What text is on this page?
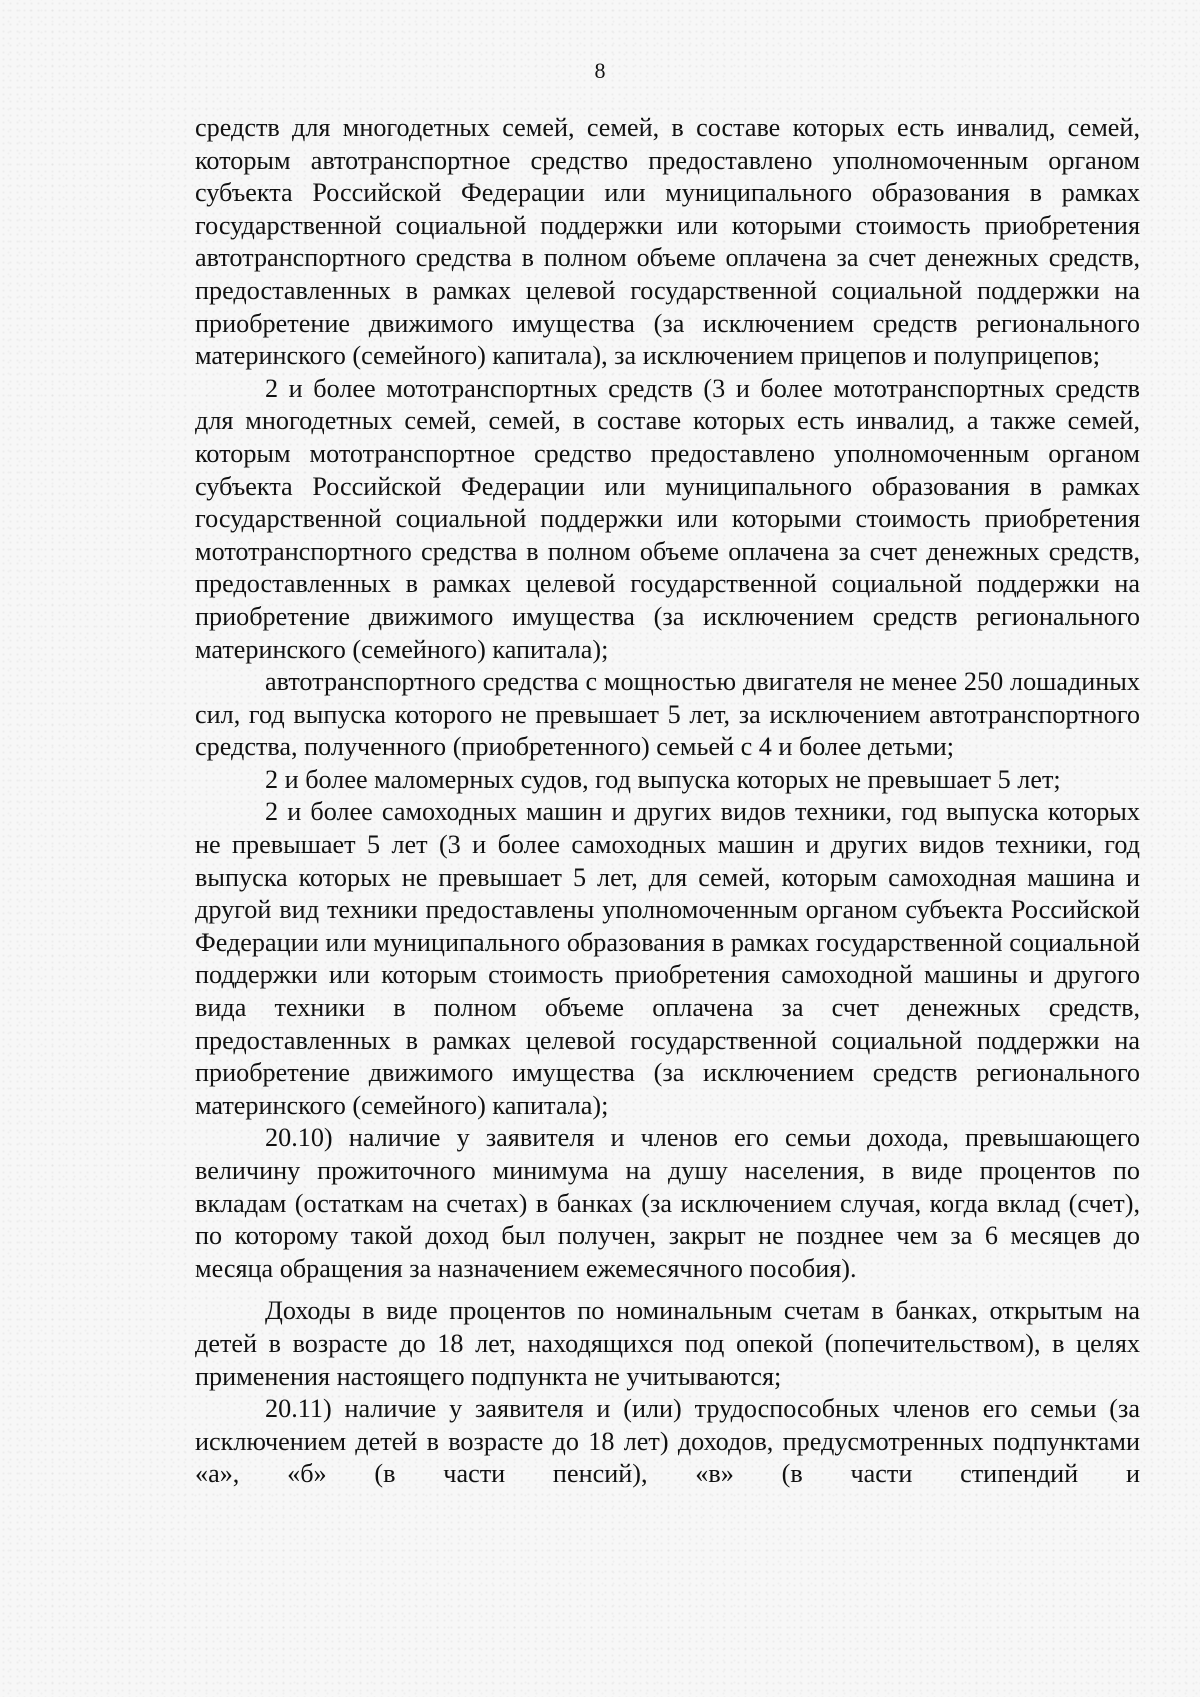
8

средств для многодетных семей, семей, в составе которых есть инвалид, семей, которым автотранспортное средство предоставлено уполномоченным органом субъекта Российской Федерации или муниципального образования в рамках государственной социальной поддержки или которыми стоимость приобретения автотранспортного средства в полном объеме оплачена за счет денежных средств, предоставленных в рамках целевой государственной социальной поддержки на приобретение движимого имущества (за исключением средств регионального материнского (семейного) капитала), за исключением прицепов и полуприцепов;

2 и более мототранспортных средств (3 и более мототранспортных средств для многодетных семей, семей, в составе которых есть инвалид, а также семей, которым мототранспортное средство предоставлено уполномоченным органом субъекта Российской Федерации или муниципального образования в рамках государственной социальной поддержки или которыми стоимость приобретения мототранспортного средства в полном объеме оплачена за счет денежных средств, предоставленных в рамках целевой государственной социальной поддержки на приобретение движимого имущества (за исключением средств регионального материнского (семейного) капитала);

автотранспортного средства с мощностью двигателя не менее 250 лошадиных сил, год выпуска которого не превышает 5 лет, за исключением автотранспортного средства, полученного (приобретенного) семьей с 4 и более детьми;

2 и более маломерных судов, год выпуска которых не превышает 5 лет;

2 и более самоходных машин и других видов техники, год выпуска которых не превышает 5 лет (3 и более самоходных машин и других видов техники, год выпуска которых не превышает 5 лет, для семей, которым самоходная машина и другой вид техники предоставлены уполномоченным органом субъекта Российской Федерации или муниципального образования в рамках государственной социальной поддержки или которым стоимость приобретения самоходной машины и другого вида техники в полном объеме оплачена за счет денежных средств, предоставленных в рамках целевой государственной социальной поддержки на приобретение движимого имущества (за исключением средств регионального материнского (семейного) капитала);

20.10) наличие у заявителя и членов его семьи дохода, превышающего величину прожиточного минимума на душу населения, в виде процентов по вкладам (остаткам на счетах) в банках (за исключением случая, когда вклад (счет), по которому такой доход был получен, закрыт не позднее чем за 6 месяцев до месяца обращения за назначением ежемесячного пособия).

Доходы в виде процентов по номинальным счетам в банках, открытым на детей в возрасте до 18 лет, находящихся под опекой (попечительством), в целях применения настоящего подпункта не учитываются;

20.11) наличие у заявителя и (или) трудоспособных членов его семьи (за исключением детей в возрасте до 18 лет) доходов, предусмотренных подпунктами «а», «б» (в части пенсий), «в» (в части стипендий и
